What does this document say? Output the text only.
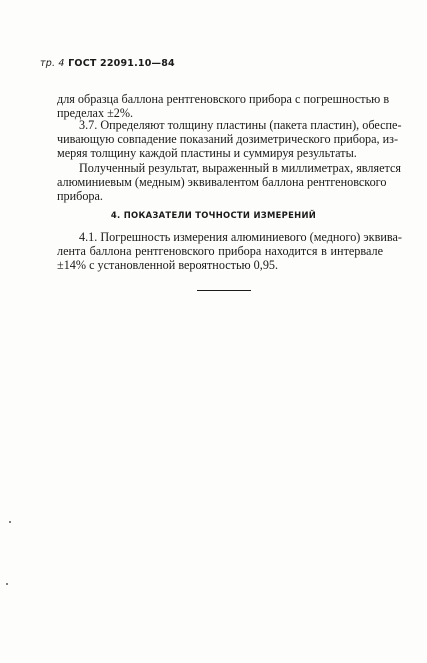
тр. 4 ГОСТ 22091.10—84
для образца баллона рентгеновского прибора с погрешностью в
пределах ±2%.
3.7. Определяют толщину пластины (пакета пластин), обеспе-
чивающую совпадение показаний дозиметрического прибора, из-
меряя толщину каждой пластины и суммируя результаты.
Полученный результат, выраженный в миллиметрах, является
алюминиевым (медным) эквивалентом баллона рентгеновского
прибора.

4. ПОКАЗАТЕЛИ ТОЧНОСТИ ИЗМЕРЕНИЙ

4.1. Погрешность измерения алюминиевого (медного) эквива-
лента баллона рентгеновского прибора находится в интервале
±14% с установленной вероятностью 0,95.
